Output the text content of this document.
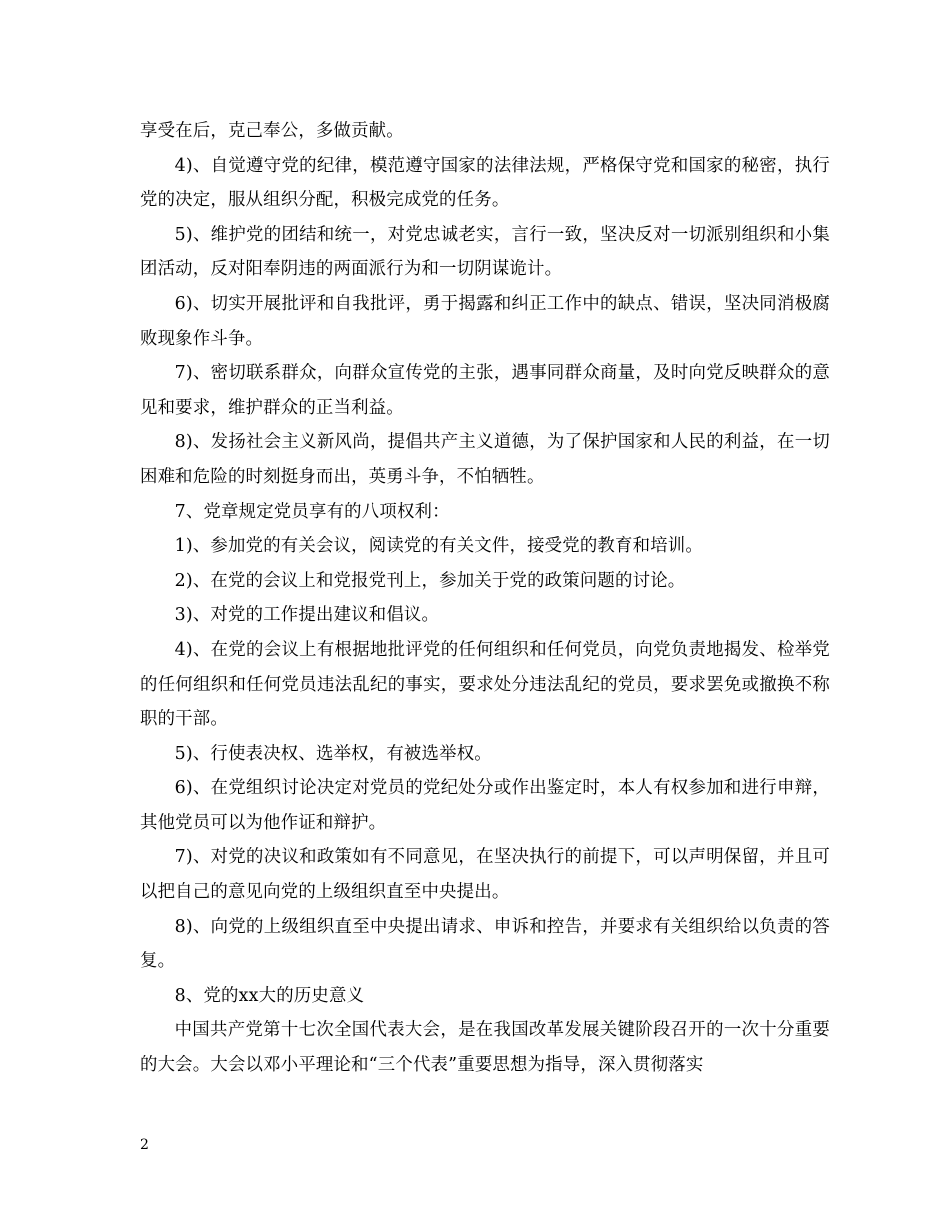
享受在后，克己奉公，多做贡献。

4)、自觉遵守党的纪律，模范遵守国家的法律法规，严格保守党和国家的秘密，执行党的决定，服从组织分配，积极完成党的任务。

5)、维护党的团结和统一，对党忠诚老实，言行一致，坚决反对一切派别组织和小集团活动，反对阳奉阴违的两面派行为和一切阴谋诡计。

6)、切实开展批评和自我批评，勇于揭露和纠正工作中的缺点、错误，坚决同消极腐败现象作斗争。

7)、密切联系群众，向群众宣传党的主张，遇事同群众商量，及时向党反映群众的意见和要求，维护群众的正当利益。

8)、发扬社会主义新风尚，提倡共产主义道德，为了保护国家和人民的利益，在一切困难和危险的时刻挺身而出，英勇斗争，不怕牺牲。

7、党章规定党员享有的八项权利：

1)、参加党的有关会议，阅读党的有关文件，接受党的教育和培训。

2)、在党的会议上和党报党刊上，参加关于党的政策问题的讨论。

3)、对党的工作提出建议和倡议。

4)、在党的会议上有根据地批评党的任何组织和任何党员，向党负责地揭发、检举党的任何组织和任何党员违法乱纪的事实，要求处分违法乱纪的党员，要求罢免或撤换不称职的干部。

5)、行使表决权、选举权，有被选举权。

6)、在党组织讨论决定对党员的党纪处分或作出鉴定时，本人有权参加和进行申辩，其他党员可以为他作证和辩护。

7)、对党的决议和政策如有不同意见，在坚决执行的前提下，可以声明保留，并且可以把自己的意见向党的上级组织直至中央提出。

8)、向党的上级组织直至中央提出请求、申诉和控告，并要求有关组织给以负责的答复。

8、党的xx大的历史意义

中国共产党第十七次全国代表大会，是在我国改革发展关键阶段召开的一次十分重要的大会。大会以邓小平理论和“三个代表”重要思想为指导，深入贯彻落实

2
